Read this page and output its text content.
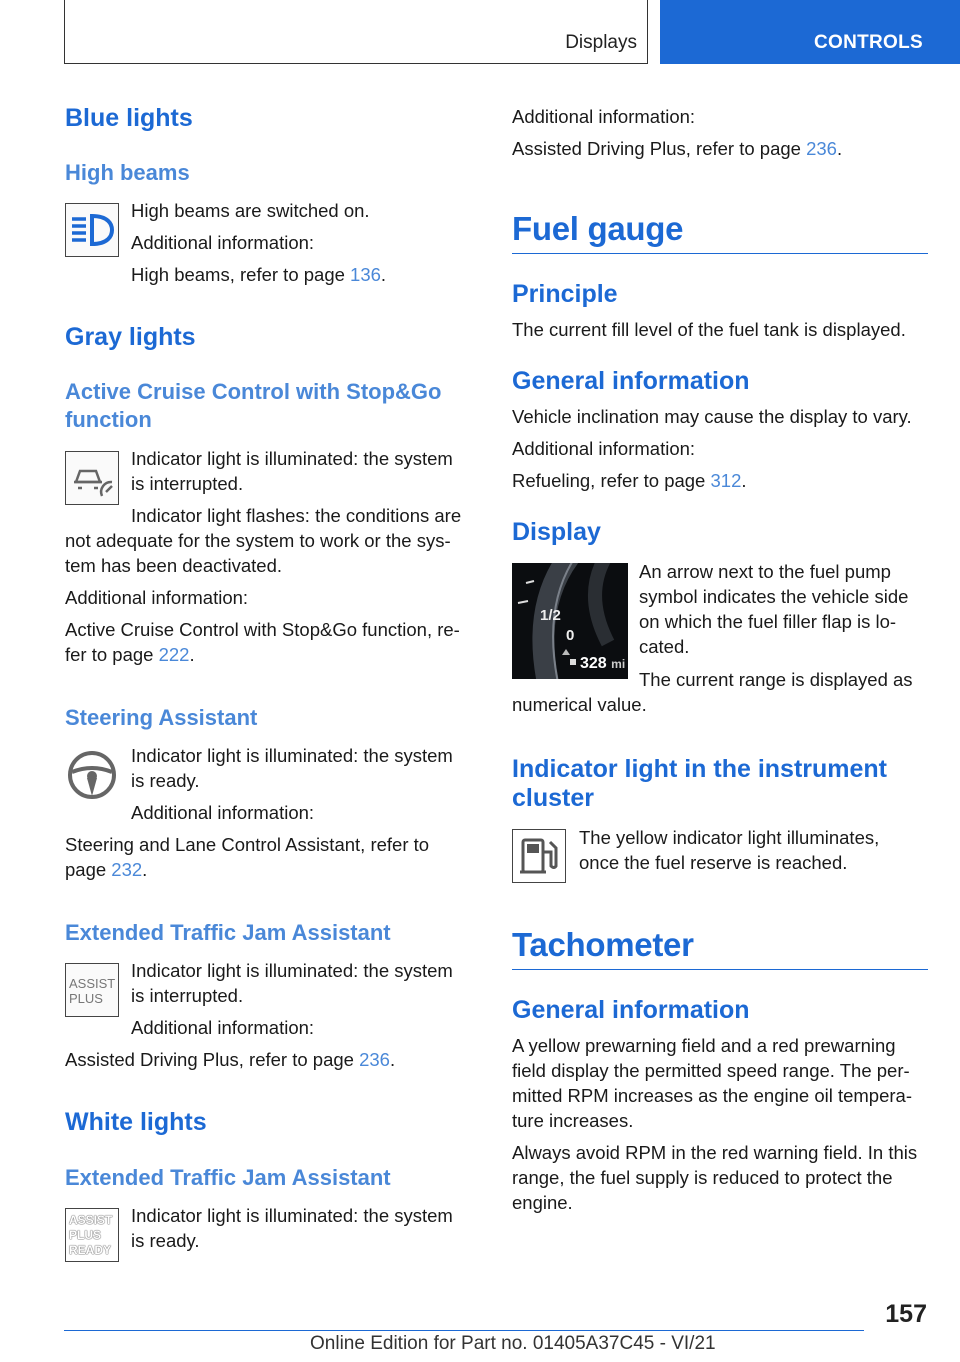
Displays	CONTROLS
Blue lights
High beams
High beams are switched on.
Additional information:
High beams, refer to page 136.
Gray lights
Active Cruise Control with Stop&Go
function
Indicator light is illuminated: the system
is interrupted.
Indicator light flashes: the conditions are
not adequate for the system to work or the sys-
tem has been deactivated.
Additional information:
Active Cruise Control with Stop&Go function, re-
fer to page 222.
Steering Assistant
Indicator light is illuminated: the system
is ready.
Additional information:
Steering and Lane Control Assistant, refer to
page 232.
Extended Traffic Jam Assistant
ASSIST
PLUS
Indicator light is illuminated: the system
is interrupted.
Additional information:
Assisted Driving Plus, refer to page 236.
White lights
Extended Traffic Jam Assistant
ASSIST
PLUS
READY
Indicator light is illuminated: the system
is ready.
Additional information:
Assisted Driving Plus, refer to page 236.
Fuel gauge
Principle
The current fill level of the fuel tank is displayed.
General information
Vehicle inclination may cause the display to vary.
Additional information:
Refueling, refer to page 312.
Display
1/2
0
328 mi
An arrow next to the fuel pump
symbol indicates the vehicle side
on which the fuel filler flap is lo-
cated.
The current range is displayed as
numerical value.
Indicator light in the instrument
cluster
The yellow indicator light illuminates,
once the fuel reserve is reached.
Tachometer
General information
A yellow prewarning field and a red prewarning
field display the permitted speed range. The per-
mitted RPM increases as the engine oil tempera-
ture increases.
Always avoid RPM in the red warning field. In this
range, the fuel supply is reduced to protect the
engine.
157
Online Edition for Part no. 01405A37C45 - VI/21
